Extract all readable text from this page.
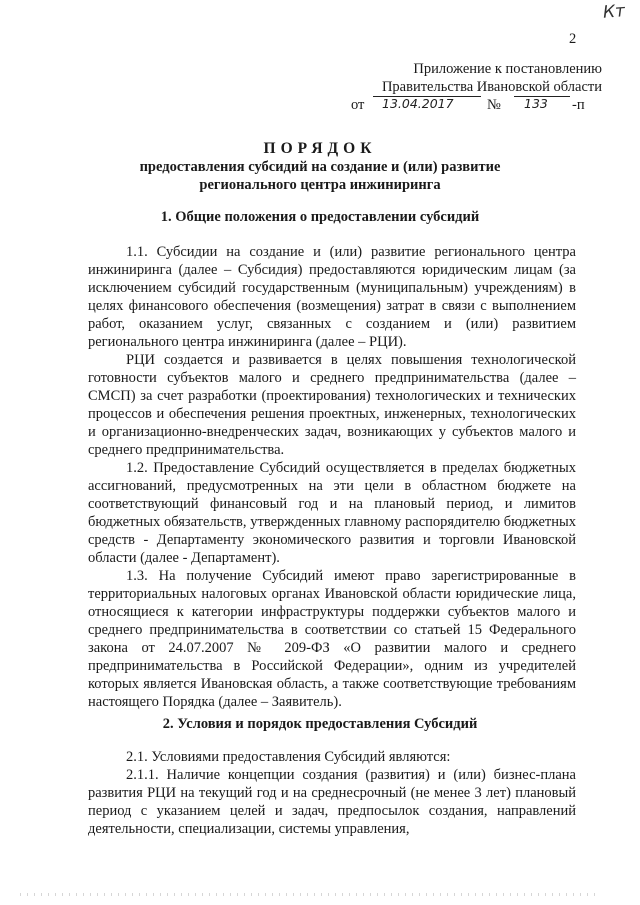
Кт
2
Приложение к постановлению
Правительства Ивановской области
от 13.04.2017 № 133 -п
ПОРЯДОК
предоставления субсидий на создание и (или) развитие регионального центра инжиниринга
1. Общие положения о предоставлении субсидий
1.1. Субсидии на создание и (или) развитие регионального центра инжиниринга (далее – Субсидия) предоставляются юридическим лицам (за исключением субсидий государственным (муниципальным) учреждениям) в целях финансового обеспечения (возмещения) затрат в связи с выполнением работ, оказанием услуг, связанных с созданием и (или) развитием регионального центра инжиниринга (далее – РЦИ).
РЦИ создается и развивается в целях повышения технологической готовности субъектов малого и среднего предпринимательства (далее – СМСП) за счет разработки (проектирования) технологических и технических процессов и обеспечения решения проектных, инженерных, технологических и организационно-внедренческих задач, возникающих у субъектов малого и среднего предпринимательства.
1.2. Предоставление Субсидий осуществляется в пределах бюджетных ассигнований, предусмотренных на эти цели в областном бюджете на соответствующий финансовый год и на плановый период, и лимитов бюджетных обязательств, утвержденных главному распорядителю бюджетных средств - Департаменту экономического развития и торговли Ивановской области (далее - Департамент).
1.3. На получение Субсидий имеют право зарегистрированные в территориальных налоговых органах Ивановской области юридические лица, относящиеся к категории инфраструктуры поддержки субъектов малого и среднего предпринимательства в соответствии со статьей 15 Федерального закона от 24.07.2007 № 209-ФЗ «О развитии малого и среднего предпринимательства в Российской Федерации», одним из учредителей которых является Ивановская область, а также соответствующие требованиям настоящего Порядка (далее – Заявитель).
2. Условия и порядок предоставления Субсидий
2.1. Условиями предоставления Субсидий являются:
2.1.1. Наличие концепции создания (развития) и (или) бизнес-плана развития РЦИ на текущий год и на среднесрочный (не менее 3 лет) плановый период с указанием целей и задач, предпосылок создания, направлений деятельности, специализации, системы управления,
